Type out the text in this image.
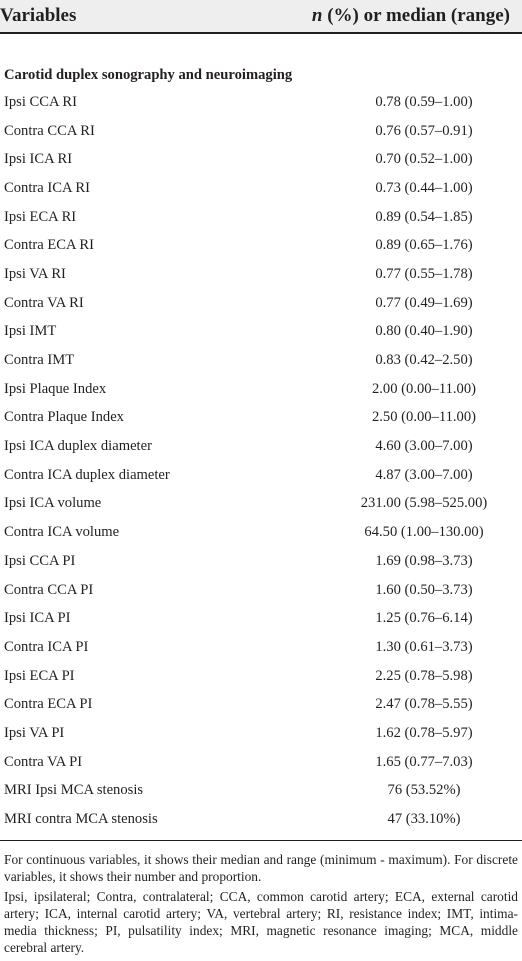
Variables	n (%) or median (range)
Carotid duplex sonography and neuroimaging
Ipsi CCA RI	0.78 (0.59–1.00)
Contra CCA RI	0.76 (0.57–0.91)
Ipsi ICA RI	0.70 (0.52–1.00)
Contra ICA RI	0.73 (0.44–1.00)
Ipsi ECA RI	0.89 (0.54–1.85)
Contra ECA RI	0.89 (0.65–1.76)
Ipsi VA RI	0.77 (0.55–1.78)
Contra VA RI	0.77 (0.49–1.69)
Ipsi IMT	0.80 (0.40–1.90)
Contra IMT	0.83 (0.42–2.50)
Ipsi Plaque Index	2.00 (0.00–11.00)
Contra Plaque Index	2.50 (0.00–11.00)
Ipsi ICA duplex diameter	4.60 (3.00–7.00)
Contra ICA duplex diameter	4.87 (3.00–7.00)
Ipsi ICA volume	231.00 (5.98–525.00)
Contra ICA volume	64.50 (1.00–130.00)
Ipsi CCA PI	1.69 (0.98–3.73)
Contra CCA PI	1.60 (0.50–3.73)
Ipsi ICA PI	1.25 (0.76–6.14)
Contra ICA PI	1.30 (0.61–3.73)
Ipsi ECA PI	2.25 (0.78–5.98)
Contra ECA PI	2.47 (0.78–5.55)
Ipsi VA PI	1.62 (0.78–5.97)
Contra VA PI	1.65 (0.77–7.03)
MRI Ipsi MCA stenosis	76 (53.52%)
MRI contra MCA stenosis	47 (33.10%)

For continuous variables, it shows their median and range (minimum - maximum). For discrete variables, it shows their number and proportion.

Ipsi, ipsilateral; Contra, contralateral; CCA, common carotid artery; ECA, external carotid artery; ICA, internal carotid artery; VA, vertebral artery; RI, resistance index; IMT, intima-media thickness; PI, pulsatility index; MRI, magnetic resonance imaging; MCA, middle cerebral artery.
